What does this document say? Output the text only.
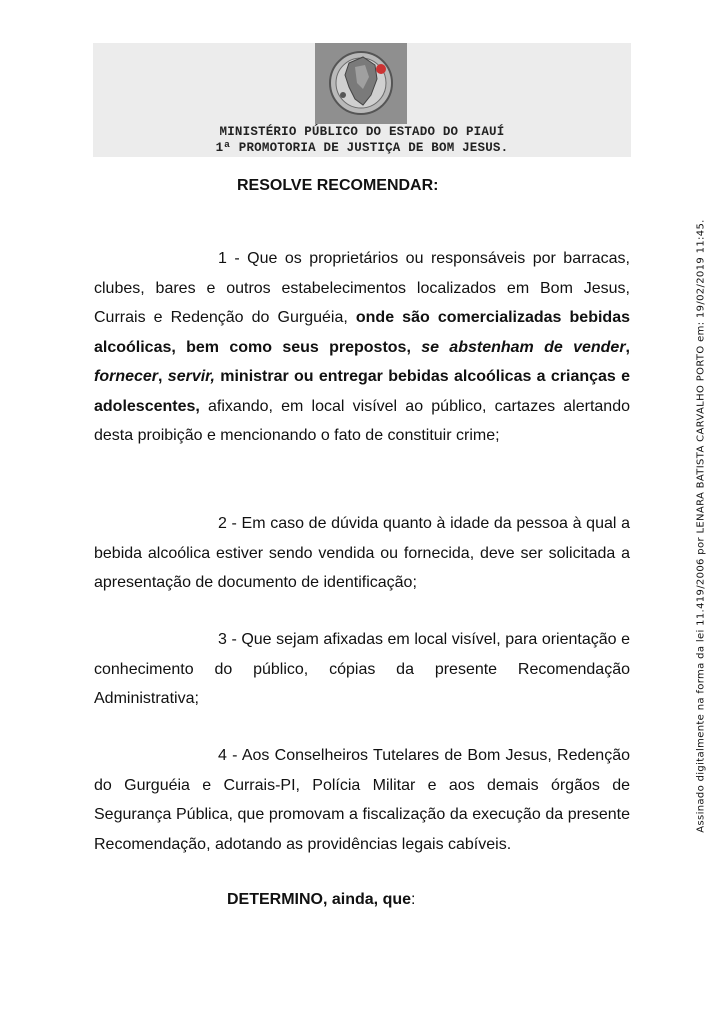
MINISTÉRIO PÚBLICO DO ESTADO DO PIAUÍ
1ª PROMOTORIA DE JUSTIÇA DE BOM JESUS.
RESOLVE RECOMENDAR:
1 - Que os proprietários ou responsáveis por barracas, clubes, bares e outros estabelecimentos localizados em Bom Jesus, Currais e Redenção do Gurguéia, onde são comercializadas bebidas alcoólicas, bem como seus prepostos, se abstenham de vender, fornecer, servir, ministrar ou entregar bebidas alcoólicas a crianças e adolescentes, afixando, em local visível ao público, cartazes alertando desta proibição e mencionando o fato de constituir crime;
2 - Em caso de dúvida quanto à idade da pessoa à qual a bebida alcoólica estiver sendo vendida ou fornecida, deve ser solicitada a apresentação de documento de identificação;
3 - Que sejam afixadas em local visível, para orientação e conhecimento do público, cópias da presente Recomendação Administrativa;
4 - Aos Conselheiros Tutelares de Bom Jesus, Redenção do Gurguéia e Currais-PI, Polícia Militar e aos demais órgãos de Segurança Pública, que promovam a fiscalização da execução da presente Recomendação, adotando as providências legais cabíveis.
DETERMINO, ainda, que:
Assinado digitalmente na forma da lei 11.419/2006 por LENARA BATISTA CARVALHO PORTO em: 19/02/2019 11:45.
